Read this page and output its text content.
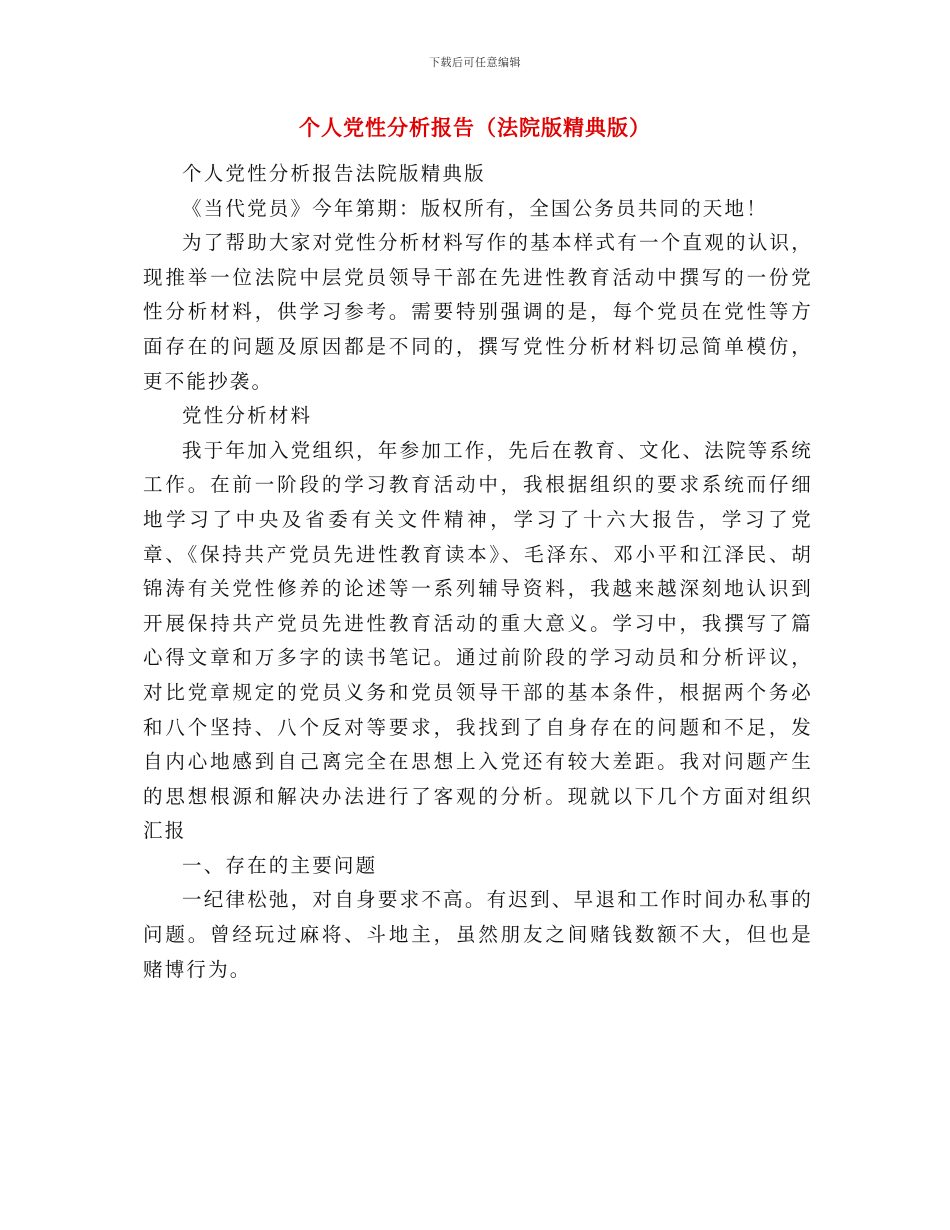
下载后可任意编辑
个人党性分析报告（法院版精典版）

个人党性分析报告法院版精典版

《当代党员》今年第期：版权所有，全国公务员共同的天地！

为了帮助大家对党性分析材料写作的基本样式有一个直观的认识，现推举一位法院中层党员领导干部在先进性教育活动中撰写的一份党性分析材料，供学习参考。需要特别强调的是，每个党员在党性等方面存在的问题及原因都是不同的，撰写党性分析材料切忌简单模仿，更不能抄袭。

党性分析材料

我于年加入党组织，年参加工作，先后在教育、文化、法院等系统工作。在前一阶段的学习教育活动中，我根据组织的要求系统而仔细地学习了中央及省委有关文件精神，学习了十六大报告，学习了党章、《保持共产党员先进性教育读本》、毛泽东、邓小平和江泽民、胡锦涛有关党性修养的论述等一系列辅导资料，我越来越深刻地认识到开展保持共产党员先进性教育活动的重大意义。学习中，我撰写了篇心得文章和万多字的读书笔记。通过前阶段的学习动员和分析评议，对比党章规定的党员义务和党员领导干部的基本条件，根据两个务必和八个坚持、八个反对等要求，我找到了自身存在的问题和不足，发自内心地感到自己离完全在思想上入党还有较大差距。我对问题产生的思想根源和解决办法进行了客观的分析。现就以下几个方面对组织汇报

一、存在的主要问题

一纪律松弛，对自身要求不高。有迟到、早退和工作时间办私事的问题。曾经玩过麻将、斗地主，虽然朋友之间赌钱数额不大，但也是赌博行为。
